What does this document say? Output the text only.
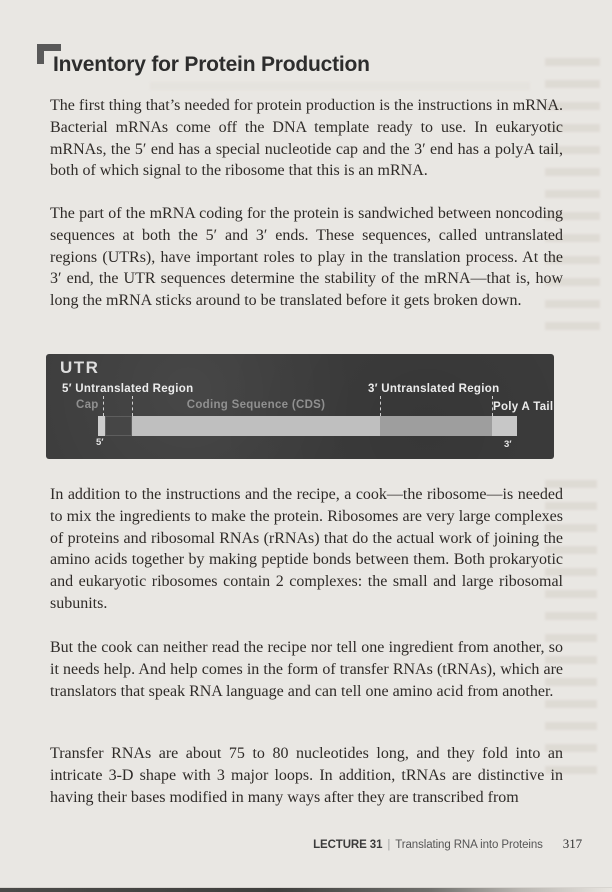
Inventory for Protein Production

The first thing that’s needed for protein production is the instructions in mRNA. Bacterial mRNAs come off the DNA template ready to use. In eukaryotic mRNAs, the 5′ end has a special nucleotide cap and the 3′ end has a polyA tail, both of which signal to the ribosome that this is an mRNA.

The part of the mRNA coding for the protein is sandwiched between noncoding sequences at both the 5′ and 3′ ends. These sequences, called untranslated regions (UTRs), have important roles to play in the translation process. At the 3′ end, the UTR sequences determine the stability of the mRNA—that is, how long the mRNA sticks around to be translated before it gets broken down.

UTR
5′ Untranslated Region	3′ Untranslated Region
Cap	Coding Sequence (CDS)	Poly A Tail
5′	3′

In addition to the instructions and the recipe, a cook—the ribosome—is needed to mix the ingredients to make the protein. Ribosomes are very large complexes of proteins and ribosomal RNAs (rRNAs) that do the actual work of joining the amino acids together by making peptide bonds between them. Both prokaryotic and eukaryotic ribosomes contain 2 complexes: the small and large ribosomal subunits.

But the cook can neither read the recipe nor tell one ingredient from another, so it needs help. And help comes in the form of transfer RNAs (tRNAs), which are translators that speak RNA language and can tell one amino acid from another.

Transfer RNAs are about 75 to 80 nucleotides long, and they fold into an intricate 3-D shape with 3 major loops. In addition, tRNAs are distinctive in having their bases modified in many ways after they are transcribed from

LECTURE 31 | Translating RNA into Proteins 317
